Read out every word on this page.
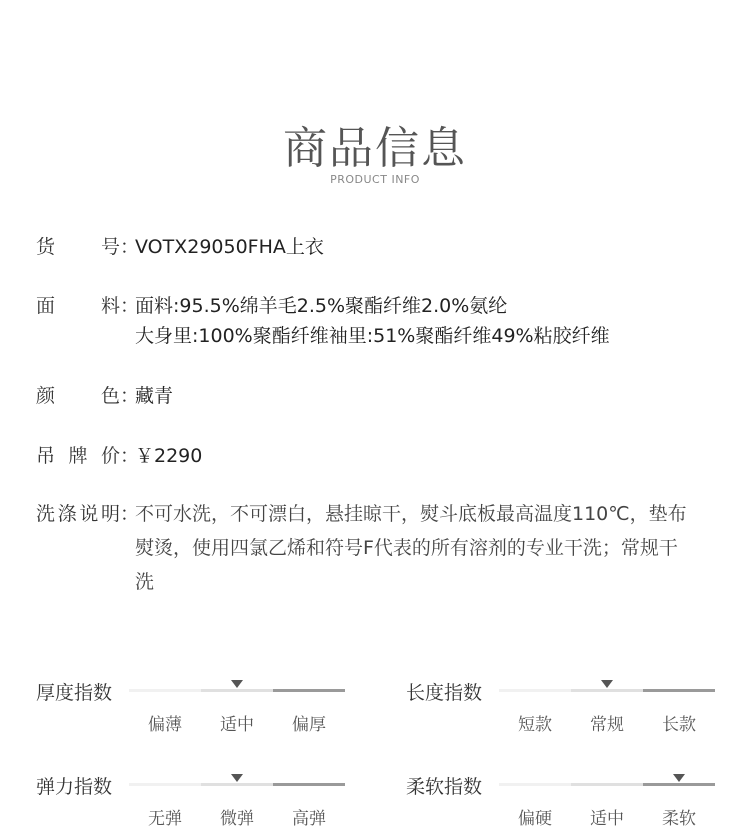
商品信息
PRODUCT INFO
货 号 ：
VOTX29050FHA上衣
面 料 ：
面料:95.5%绵羊毛2.5%聚酯纤维2.0%氨纶
大身里:100%聚酯纤维袖里:51%聚酯纤维49%粘胶纤维
颜 色 ：
藏青
吊 牌 价 ：
￥2290
洗 涤 说 明 ：
不可水洗，不可漂白，悬挂晾干，熨斗底板最高温度110℃，垫布
熨烫，使用四氯乙烯和符号F代表的所有溶剂的专业干洗；常规干
洗
厚度指数
偏薄	适中	偏厚
长度指数
短款	常规	长款
弹力指数
无弹	微弹	高弹
柔软指数
偏硬	适中	柔软
